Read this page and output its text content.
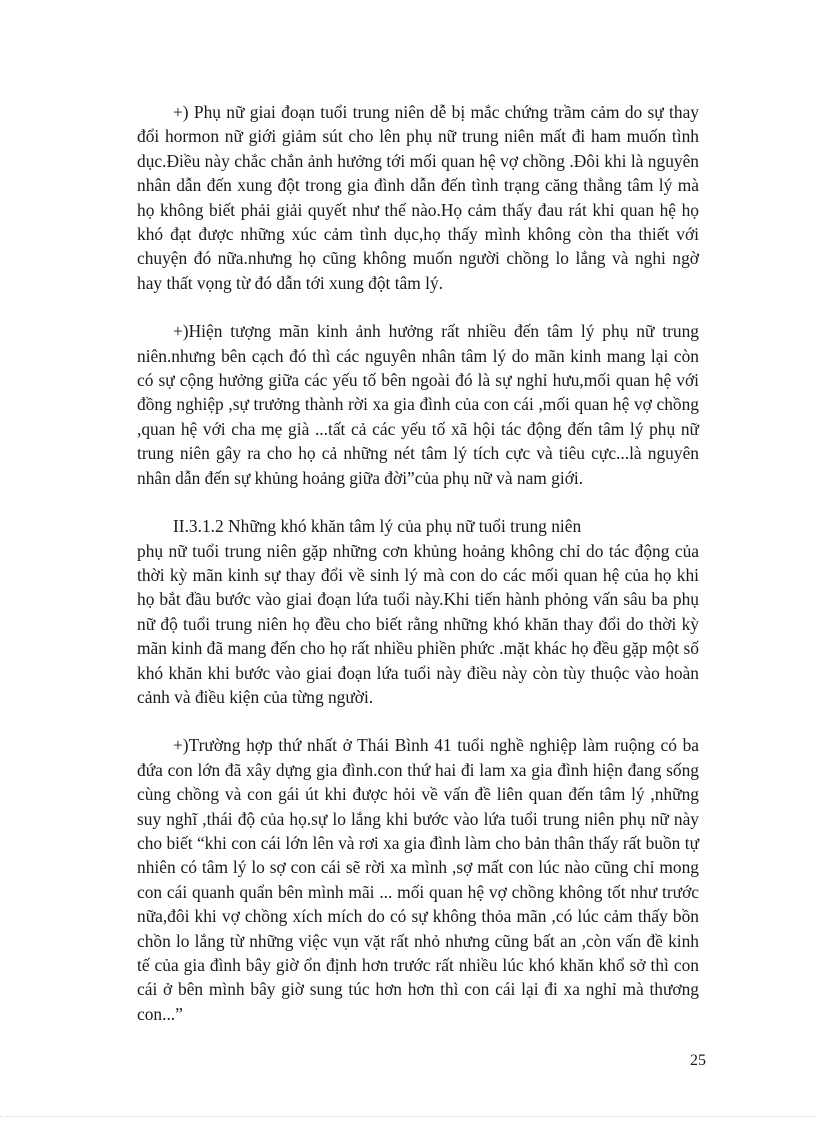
+) Phụ nữ giai đoạn tuổi trung niên dễ bị mắc chứng trầm cảm do sự thay đổi hormon nữ giới giảm sút cho lên phụ nữ trung niên mất đi ham muốn tình dục.Điều này chắc chắn ảnh hưởng tới mối quan hệ vợ chồng .Đôi khi là nguyên nhân dẫn đến xung đột trong gia đình dẫn đến tình trạng căng thẳng tâm lý mà họ không biết phải giải quyết như thế nào.Họ cảm thấy đau rát khi quan hệ họ khó đạt được những xúc cảm tình dục,họ thấy mình không còn tha thiết với chuyện đó nữa.nhưng họ cũng không muốn người chồng lo lắng và nghi ngờ hay thất vọng từ đó dẫn tới xung đột tâm lý.

+)Hiện tượng mãn kinh ảnh hưởng rất nhiều đến tâm lý phụ nữ trung niên.nhưng bên cạch đó thì các nguyên nhân tâm lý do mãn kinh mang lại còn có sự cộng hưởng giữa các yếu tố bên ngoài đó là sự nghỉ hưu,mối quan hệ với đồng nghiệp ,sự trưởng thành rời xa gia đình của con cái ,mối quan hệ vợ chồng ,quan hệ với cha mẹ già ...tất cả các yếu tố xã hội tác động đến tâm lý phụ nữ trung niên gây ra cho họ cả những nét tâm lý tích cực và tiêu cực...là nguyên nhân dẫn đến sự khủng hoảng giữa đời”của phụ nữ và nam giới.

II.3.1.2 Những khó khăn tâm lý của phụ nữ tuổi trung niên

phụ nữ tuổi trung niên gặp những cơn khủng hoảng không chỉ do tác động của thời kỳ mãn kinh sự thay đổi về sinh lý mà con do các mối quan hệ của họ khi họ bắt đầu bước vào giai đoạn lứa tuổi này.Khi tiến hành phỏng vấn sâu ba phụ nữ độ tuổi trung niên họ đều cho biết rằng những khó khăn thay đổi do thời kỳ mãn kinh đã mang đến cho họ rất nhiều phiền phức .mặt khác họ đều gặp một số khó khăn khi bước vào giai đoạn lứa tuổi này điều này còn tùy thuộc vào hoàn cảnh và điều kiện của từng người.

+)Trường hợp thứ nhất ở Thái Bình 41 tuổi nghề nghiệp làm ruộng có ba đứa con lớn đã xây dựng gia đình.con thứ hai đi lam xa gia đình hiện đang sống cùng chồng và con gái út khi được hỏi về vấn đề liên quan đến tâm lý ,những suy nghĩ ,thái độ của họ.sự lo lắng khi bước vào lứa tuổi trung niên phụ nữ này cho biết “khi con cái lớn lên và rơi xa gia đình làm cho bản thân thấy rất buồn tự nhiên có tâm lý lo sợ con cái sẽ rời xa mình ,sợ mất con lúc nào cũng chỉ mong con cái quanh quẩn bên mình mãi ... mối quan hệ vợ chồng không tốt như trước nữa,đôi khi vợ chồng xích mích do có sự không thỏa mãn ,có lúc cảm thấy bồn chồn lo lắng từ những việc vụn vặt rất nhỏ nhưng cũng bất an ,còn vấn đề kinh tế của gia đình bây giờ ổn định hơn trước rất nhiều lúc khó khăn khổ sở thì con cái ở bên mình bây giờ sung túc hơn hơn thì con cái lại đi xa nghỉ mà thương con...”

25
